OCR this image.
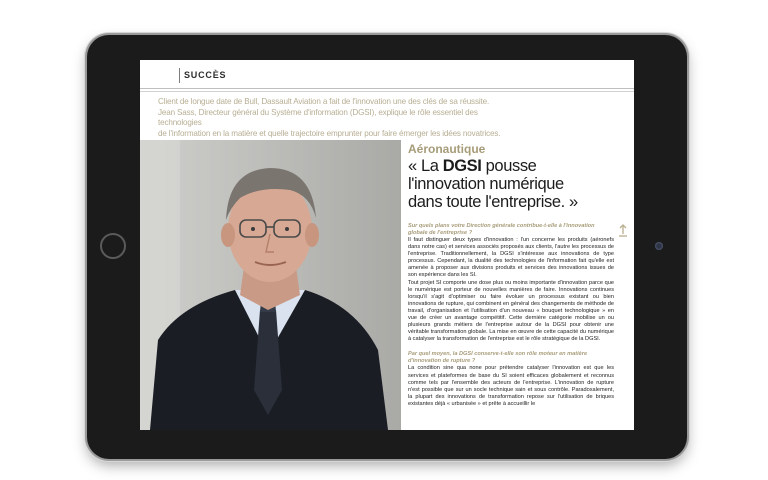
SUCCÈS
Client de longue date de Bull, Dassault Aviation a fait de l'innovation une des clés de sa réussite.
Jean Sass, Directeur général du Système d'information (DGSI), explique le rôle essentiel des technologies
de l'information en la matière et quelle trajectoire emprunter pour faire émerger les idées novatrices.
Aéronautique
« La DGSI pousse
l'innovation numérique
dans toute l'entreprise. »
Sur quels plans votre Direction générale contribue-t-elle à l'innovation globale de l'entreprise ?
Il faut distinguer deux types d'innovation : l'un concerne les produits (aéronefs dans notre cas) et services associés proposés aux clients, l'autre les processus de l'entreprise. Traditionnellement, la DGSI s'intéresse aux innovations de type processus. Cependant, la dualité des technologies de l'information fait qu'elle est amenée à proposer aux divisions produits et services des innovations issues de son expérience dans les SI.
Tout projet SI comporte une dose plus ou moins importante d'innovation parce que le numérique est porteur de nouvelles manières de faire. Innovations continues lorsqu'il s'agit d'optimiser ou faire évoluer un processus existant ou bien innovations de rupture, qui combinent en général des changements de méthode de travail, d'organisation et l'utilisation d'un nouveau « bouquet technologique » en vue de créer un avantage compétitif. Cette dernière catégorie mobilise un ou plusieurs grands métiers de l'entreprise autour de la DGSI pour obtenir une véritable transformation globale. La mise en œuvre de cette capacité du numérique à catalyser la transformation de l'entreprise est le rôle stratégique de la DGSI.
Par quel moyen, la DGSI conserve-t-elle son rôle moteur en matière d'innovation de rupture ?
La condition sine qua none pour prétendre catalyser l'innovation est que les services et plateformes de base du SI soient efficaces globalement et reconnus comme tels par l'ensemble des acteurs de l'entreprise. L'innovation de rupture n'est possible que sur un socle technique sain et sous contrôle. Paradoxalement, la plupart des innovations de transformation repose sur l'utilisation de briques existantes déjà « urbanisée » et prête à accueillir le
